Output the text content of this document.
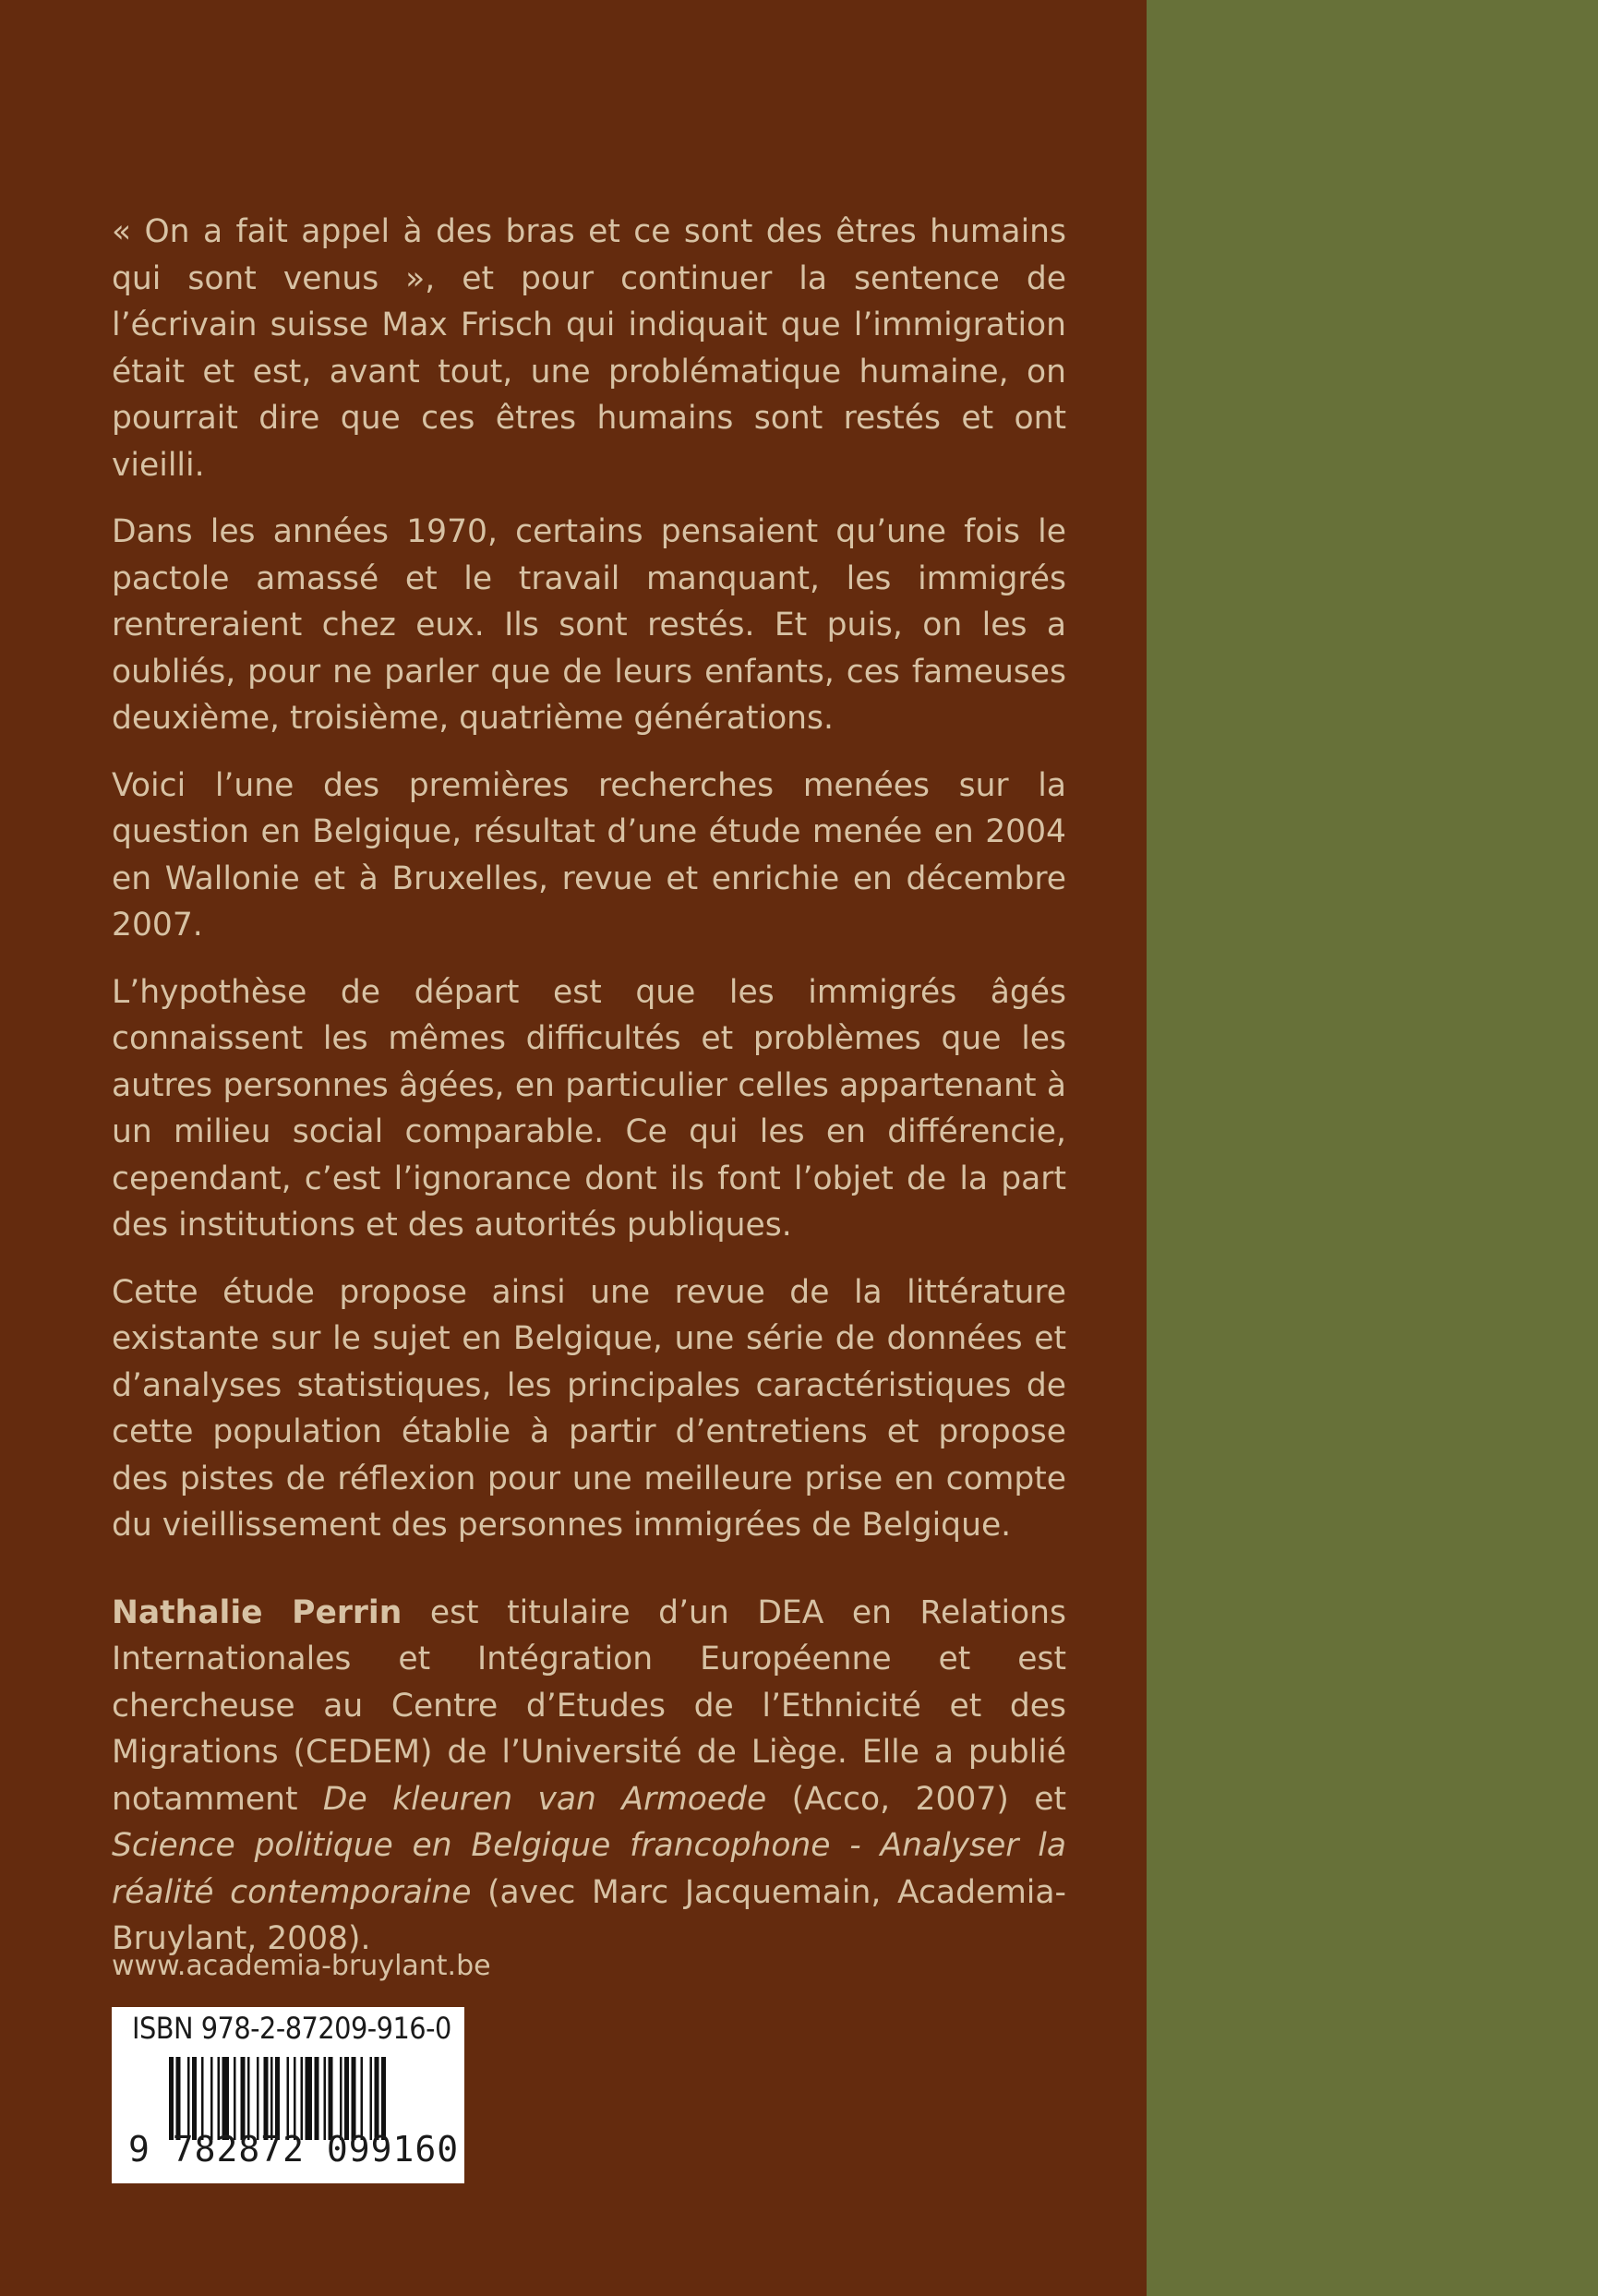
« On a fait appel à des bras et ce sont des êtres humains qui sont venus », et pour continuer la sentence de l’écrivain suisse Max Frisch qui indiquait que l’immigration était et est, avant tout, une problématique humaine, on pourrait dire que ces êtres humains sont restés et ont vieilli.

Dans les années 1970, certains pensaient qu’une fois le pactole amassé et le travail manquant, les immigrés rentreraient chez eux. Ils sont restés. Et puis, on les a oubliés, pour ne parler que de leurs enfants, ces fameuses deuxième, troisième, quatrième générations.

Voici l’une des premières recherches menées sur la question en Belgique, résultat d’une étude menée en 2004 en Wallonie et à Bruxelles, revue et enrichie en décembre 2007.

L’hypothèse de départ est que les immigrés âgés connaissent les mêmes difficultés et problèmes que les autres personnes âgées, en particulier celles appartenant à un milieu social comparable. Ce qui les en différencie, cependant, c’est l’ignorance dont ils font l’objet de la part des institutions et des autorités publiques.

Cette étude propose ainsi une revue de la littérature existante sur le sujet en Belgique, une série de données et d’analyses statistiques, les principales caractéristiques de cette population établie à partir d’entretiens et propose des pistes de réflexion pour une meilleure prise en compte du vieillissement des personnes immigrées de Belgique.

Nathalie Perrin est titulaire d’un DEA en Relations Internationales et Intégration Européenne et est chercheuse au Centre d’Etudes de l’Ethnicité et des Migrations (CEDEM) de l’Université de Liège. Elle a publié notamment De kleuren van Armoede (Acco, 2007) et Science politique en Belgique francophone - Analyser la réalité contemporaine (avec Marc Jacquemain, Academia-Bruylant, 2008).

www.academia-bruylant.be
ISBN 978-2-87209-916-0
9 782872 099160
